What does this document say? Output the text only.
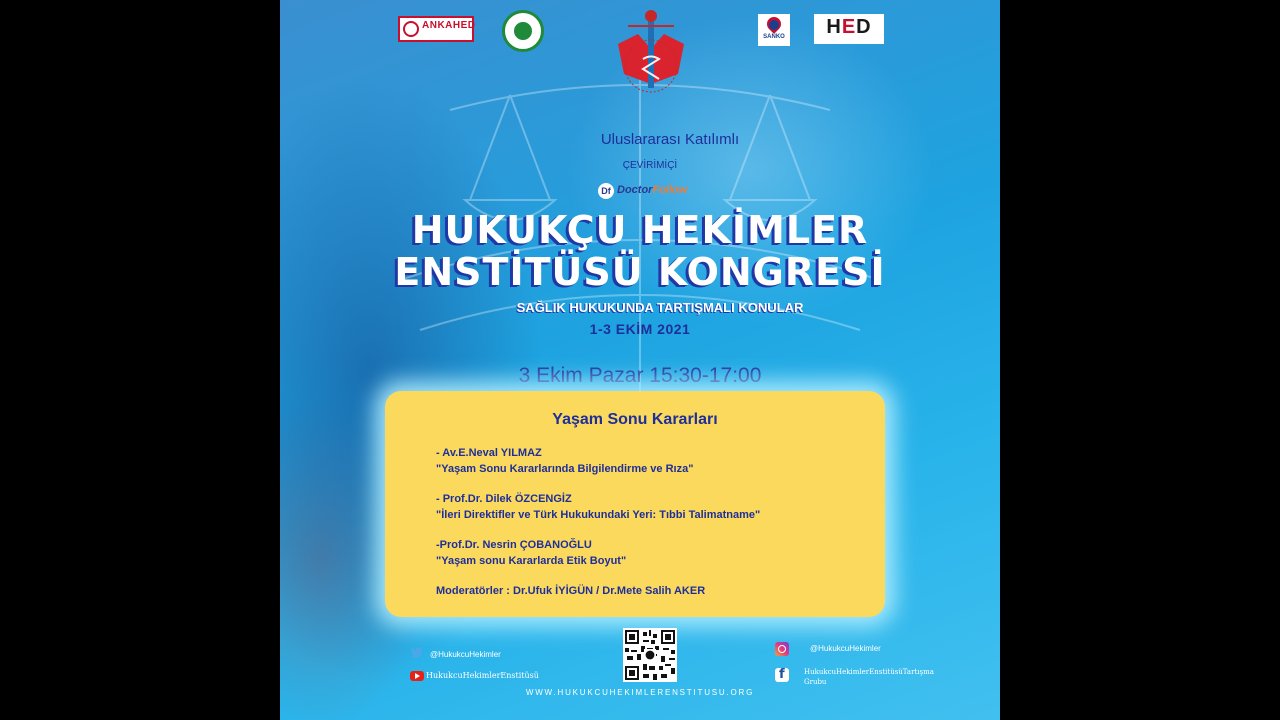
ANKAHED
SANKO	HED
Uluslararası Katılımlı
ÇEVİRİMİÇİ
Df DoctorFollow
HUKUKÇU HEKİMLER
ENSTİTÜSÜ KONGRESİ
SAĞLIK HUKUKUNDA TARTIŞMALI KONULAR
1-3 EKİM 2021
3 Ekim Pazar 15:30-17:00
Yaşam Sonu Kararları
- Av.E.Neval YILMAZ
"Yaşam Sonu Kararlarında Bilgilendirme ve Rıza"
- Prof.Dr. Dilek ÖZCENGİZ
"İleri Direktifler ve Türk Hukukundaki Yeri: Tıbbi Talimatname"
-Prof.Dr. Nesrin ÇOBANOĞLU
"Yaşam sonu Kararlarda Etik Boyut"
Moderatörler : Dr.Ufuk İYİGÜN / Dr.Mete Salih AKER
@HukukcuHekimler
HukukcuHekimlerEnstitüsü
@HukukcuHekimler
f
HukukcuHekimlerEnstitüsüTartışma Grubu
WWW.HUKUKCUHEKIMLERENSTITUSU.ORG
